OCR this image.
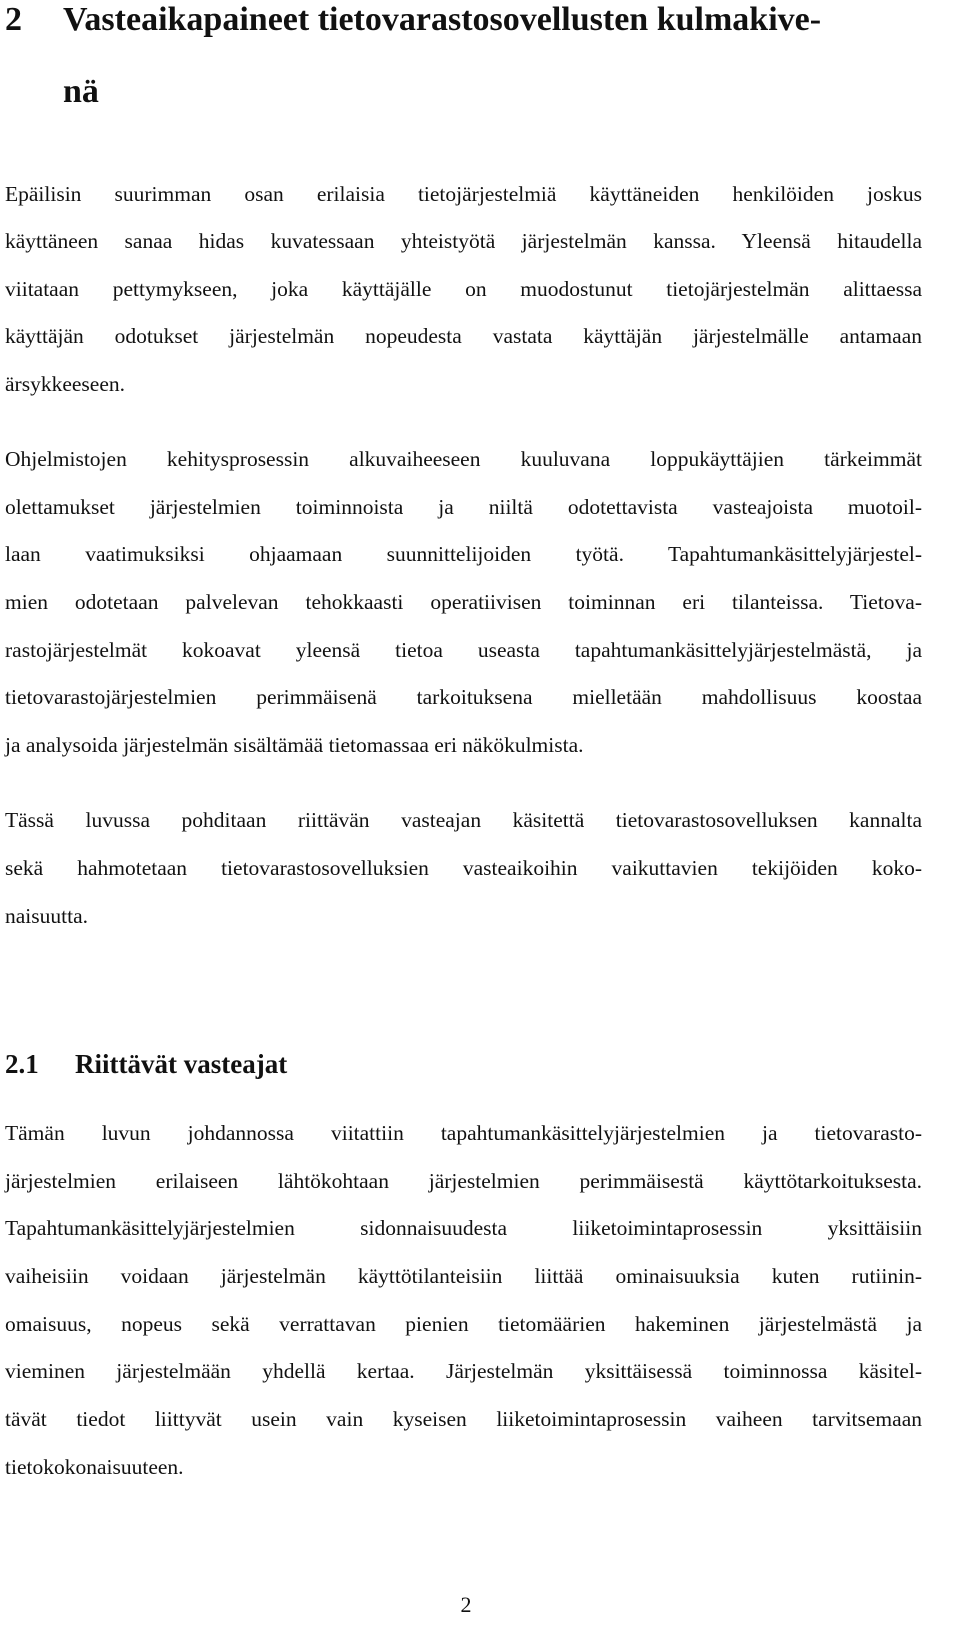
2 Vasteaikapaineet tietovarastosovellusten kulmakive-
nä
Epäilisin suurimman osan erilaisia tietojärjestelmiä käyttäneiden henkilöiden joskus
käyttäneen sanaa hidas kuvatessaan yhteistyötä järjestelmän kanssa. Yleensä hitaudella
viitataan pettymykseen, joka käyttäjälle on muodostunut tietojärjestelmän alittaessa
käyttäjän odotukset järjestelmän nopeudesta vastata käyttäjän järjestelmälle antamaan
ärsykkeeseen.
Ohjelmistojen kehitysprosessin alkuvaiheeseen kuuluvana loppukäyttäjien tärkeimmät
olettamukset järjestelmien toiminnoista ja niiltä odotettavista vasteajoista muotoil-
laan vaatimuksiksi ohjaamaan suunnittelijoiden työtä. Tapahtumankäsittelyjärjestel-
mien odotetaan palvelevan tehokkaasti operatiivisen toiminnan eri tilanteissa. Tietova-
rastojärjestelmät kokoavat yleensä tietoa useasta tapahtumankäsittelyjärjestelmästä, ja
tietovarastojärjestelmien perimmäisenä tarkoituksena mielletään mahdollisuus koostaa
ja analysoida järjestelmän sisältämää tietomassaa eri näkökulmista.
Tässä luvussa pohditaan riittävän vasteajan käsitettä tietovarastosovelluksen kannalta
sekä hahmotetaan tietovarastosovelluksien vasteaikoihin vaikuttavien tekijöiden koko-
naisuutta.
2.1 Riittävät vasteajat
Tämän luvun johdannossa viitattiin tapahtumankäsittelyjärjestelmien ja tietovarasto-
järjestelmien erilaiseen lähtökohtaan järjestelmien perimmäisestä käyttötarkoituksesta.
Tapahtumankäsittelyjärjestelmien sidonnaisuudesta liiketoimintaprosessin yksittäisiin
vaiheisiin voidaan järjestelmän käyttötilanteisiin liittää ominaisuuksia kuten rutiinin-
omaisuus, nopeus sekä verrattavan pienien tietomäärien hakeminen järjestelmästä ja
vieminen järjestelmään yhdellä kertaa. Järjestelmän yksittäisessä toiminnossa käsitel-
tävät tiedot liittyvät usein vain kyseisen liiketoimintaprosessin vaiheen tarvitsemaan
tietokokonaisuuteen.
2
